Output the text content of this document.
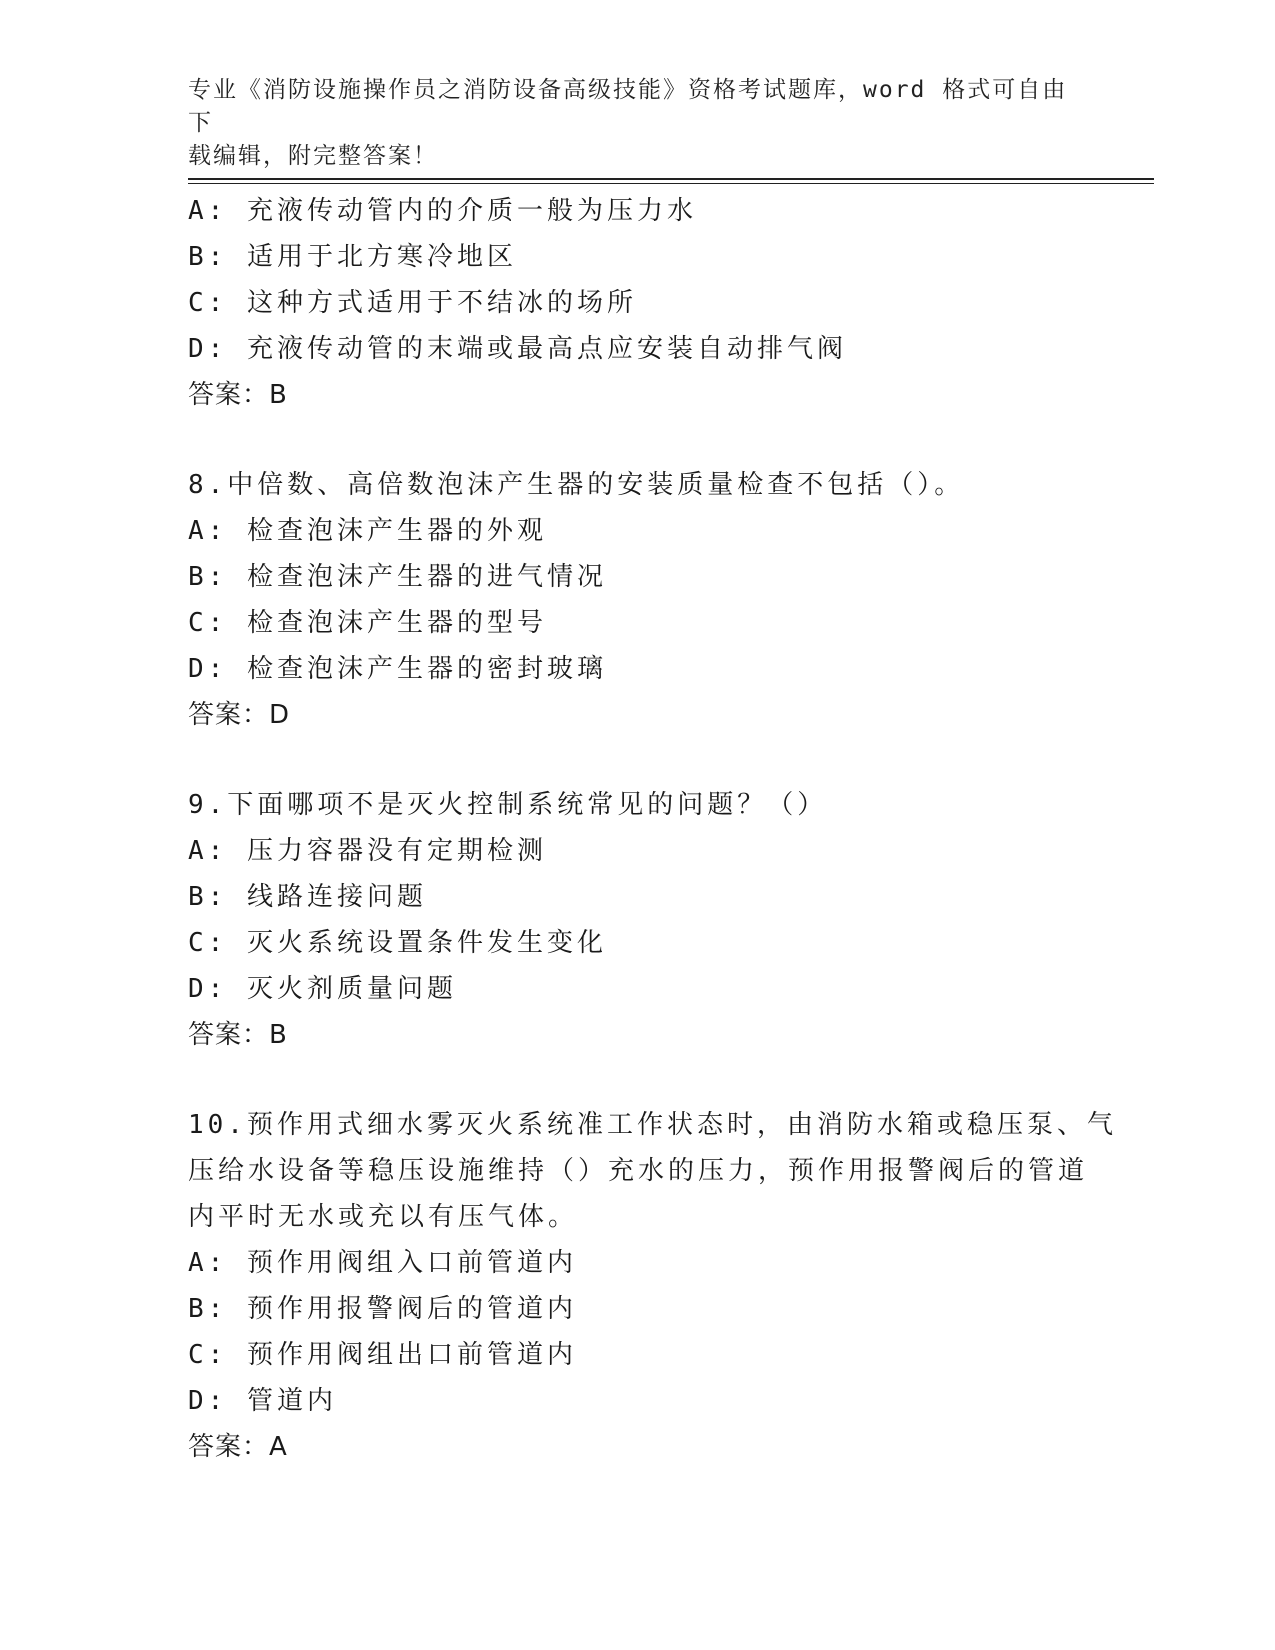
专业《消防设施操作员之消防设备高级技能》资格考试题库，word 格式可自由下
载编辑，附完整答案！
A: 充液传动管内的介质一般为压力水
B: 适用于北方寒冷地区
C: 这种方式适用于不结冰的场所
D: 充液传动管的末端或最高点应安装自动排气阀
答案：B
8.中倍数、高倍数泡沫产生器的安装质量检查不包括（）。
A: 检查泡沫产生器的外观
B: 检查泡沫产生器的进气情况
C: 检查泡沫产生器的型号
D: 检查泡沫产生器的密封玻璃
答案：D
9.下面哪项不是灭火控制系统常见的问题？（）
A: 压力容器没有定期检测
B: 线路连接问题
C: 灭火系统设置条件发生变化
D: 灭火剂质量问题
答案：B
10.预作用式细水雾灭火系统准工作状态时，由消防水箱或稳压泵、气
压给水设备等稳压设施维持（）充水的压力，预作用报警阀后的管道
内平时无水或充以有压气体。
A: 预作用阀组入口前管道内
B: 预作用报警阀后的管道内
C: 预作用阀组出口前管道内
D: 管道内
答案：A
